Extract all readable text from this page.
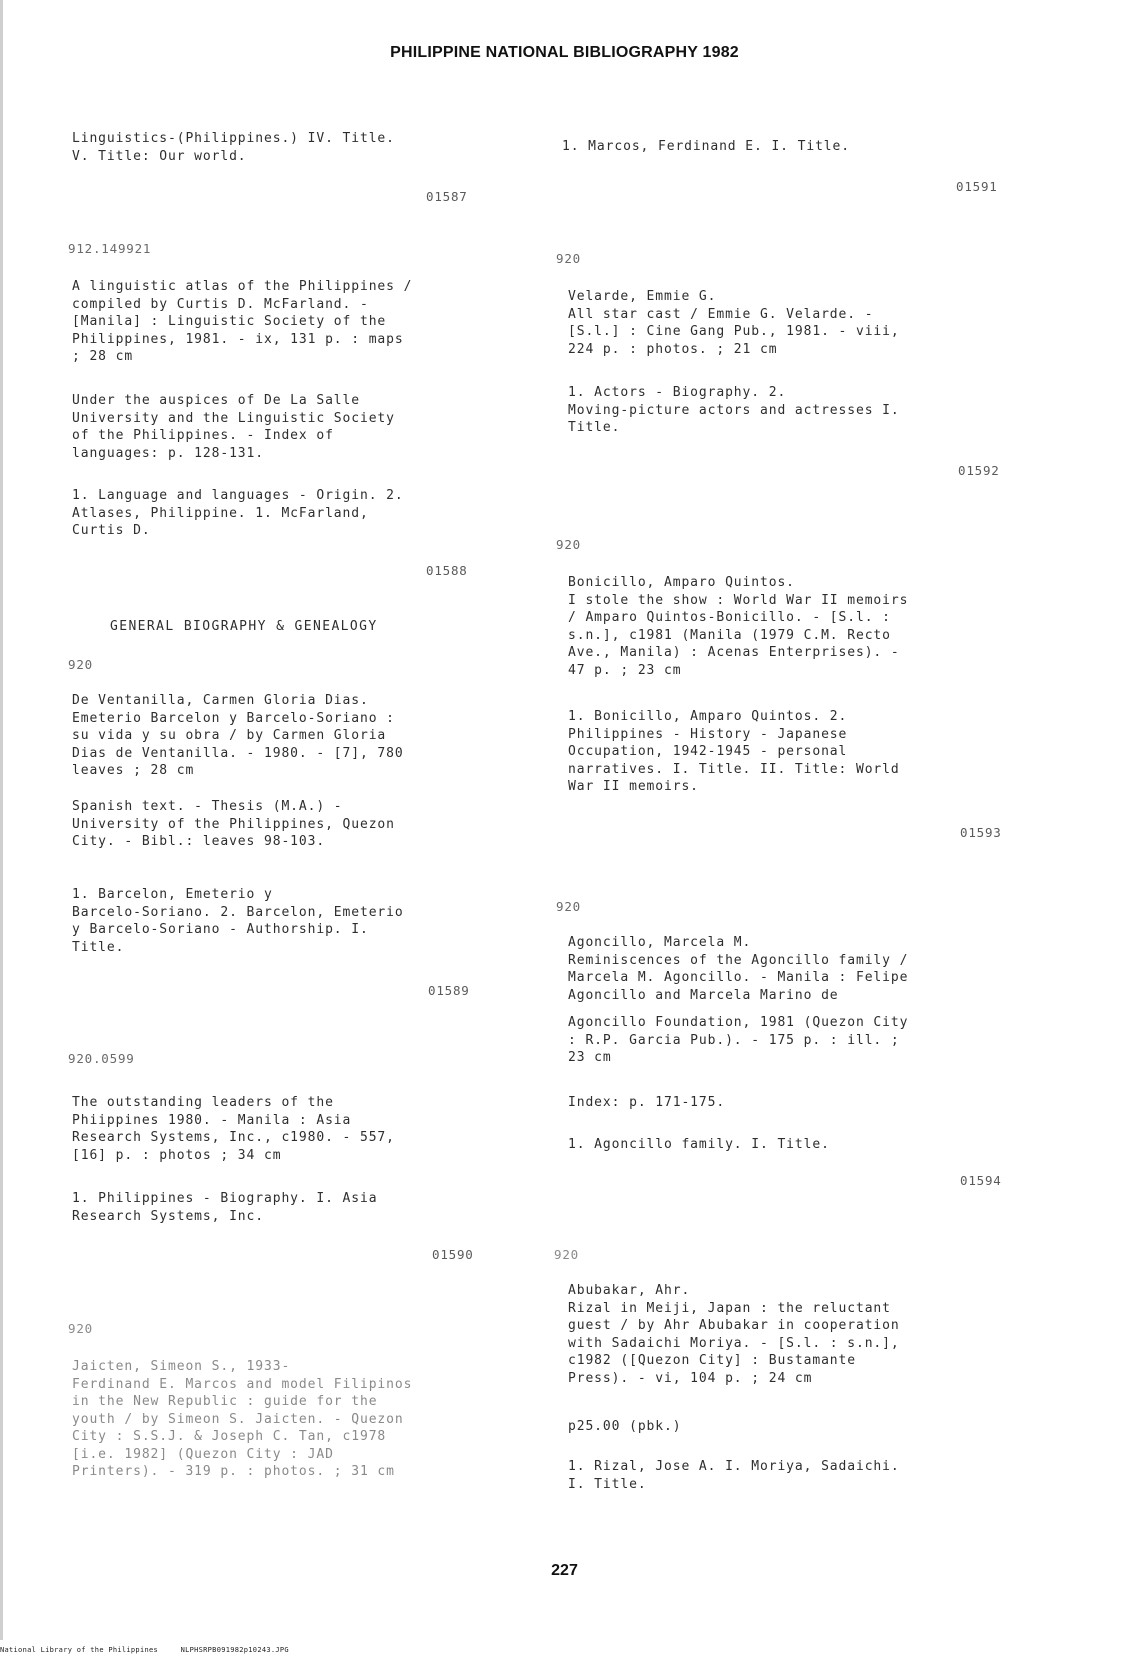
PHILIPPINE NATIONAL BIBLIOGRAPHY 1982

Linguistics-(Philippines.) IV. Title.
V. Title: Our world.

01587

912.149921

A linguistic atlas of the Philippines /
compiled by Curtis D. McFarland. -
[Manila] : Linguistic Society of the
Philippines, 1981. - ix, 131 p. : maps
; 28 cm

Under the auspices of De La Salle
University and the Linguistic Society
of the Philippines. - Index of
languages: p. 128-131.

1. Language and languages - Origin. 2.
Atlases, Philippine. 1. McFarland,
Curtis D.

01588

GENERAL BIOGRAPHY & GENEALOGY

920

De Ventanilla, Carmen Gloria Dias.
Emeterio Barcelon y Barcelo-Soriano :
su vida y su obra / by Carmen Gloria
Dias de Ventanilla. - 1980. - [7], 780
leaves ; 28 cm

Spanish text. - Thesis (M.A.) -
University of the Philippines, Quezon
City. - Bibl.: leaves 98-103.

1. Barcelon, Emeterio y
Barcelo-Soriano. 2. Barcelon, Emeterio
y Barcelo-Soriano - Authorship. I.
Title.

01589

920.0599

The outstanding leaders of the
Phiippines 1980. - Manila : Asia
Research Systems, Inc., c1980. - 557,
[16] p. : photos ; 34 cm

1. Philippines - Biography. I. Asia
Research Systems, Inc.

01590

920

Jaicten, Simeon S., 1933-
Ferdinand E. Marcos and model Filipinos
in the New Republic : guide for the
youth / by Simeon S. Jaicten. - Quezon
City : S.S.J. & Joseph C. Tan, c1978
[i.e. 1982] (Quezon City : JAD
Printers). - 319 p. : photos. ; 31 cm

1. Marcos, Ferdinand E. I. Title.

01591

920

Velarde, Emmie G.
All star cast / Emmie G. Velarde. -
[S.l.] : Cine Gang Pub., 1981. - viii,
224 p. : photos. ; 21 cm

1. Actors - Biography. 2.
Moving-picture actors and actresses I.
Title.

01592

920

Bonicillo, Amparo Quintos.
I stole the show : World War II memoirs
/ Amparo Quintos-Bonicillo. - [S.l. :
s.n.], c1981 (Manila (1979 C.M. Recto
Ave., Manila) : Acenas Enterprises). -
47 p. ; 23 cm

1. Bonicillo, Amparo Quintos. 2.
Philippines - History - Japanese
Occupation, 1942-1945 - personal
narratives. I. Title. II. Title: World
War II memoirs.

01593

920

Agoncillo, Marcela M.
Reminiscences of the Agoncillo family /
Marcela M. Agoncillo. - Manila : Felipe
Agoncillo and Marcela Marino de

Agoncillo Foundation, 1981 (Quezon City
: R.P. Garcia Pub.). - 175 p. : ill. ;
23 cm

Index: p. 171-175.

1. Agoncillo family. I. Title.

01594

920

Abubakar, Ahr.
Rizal in Meiji, Japan : the reluctant
guest / by Ahr Abubakar in cooperation
with Sadaichi Moriya. - [S.l. : s.n.],
c1982 ([Quezon City] : Bustamante
Press). - vi, 104 p. ; 24 cm

p25.00 (pbk.)

1. Rizal, Jose A. I. Moriya, Sadaichi.
I. Title.

227
National Library of the Philippines     NLPHSRPB091982p10243.JPG
